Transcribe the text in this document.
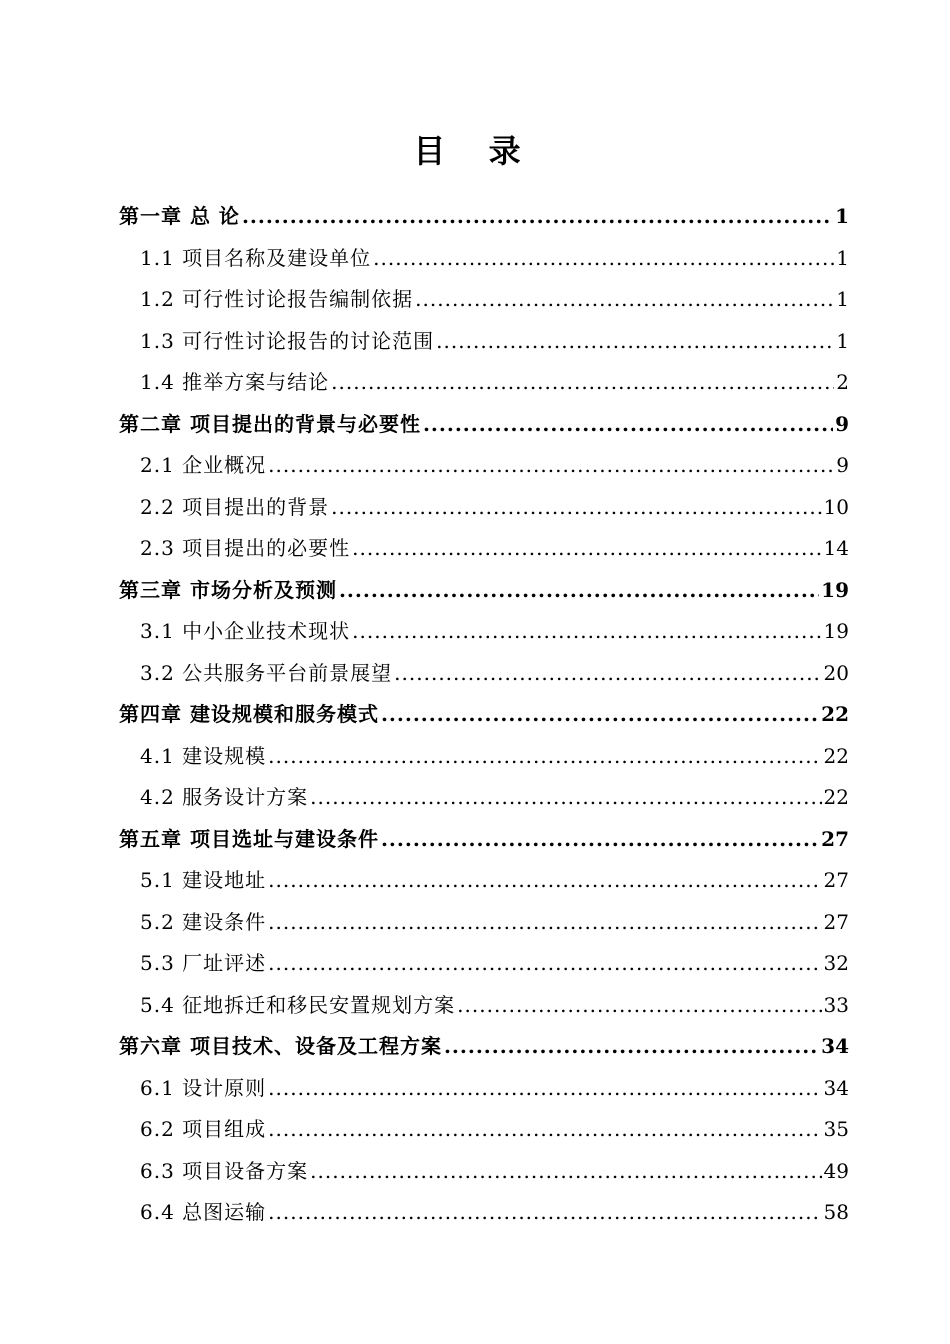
目 录
第一章 总 论 .....	1
1.1 项目名称及建设单位 .....	1
1.2 可行性讨论报告编制依据 .....	1
1.3 可行性讨论报告的讨论范围 .....	1
1.4 推举方案与结论 .....	2
第二章 项目提出的背景与必要性 .....	9
2.1 企业概况 .....	9
2.2 项目提出的背景 .....	10
2.3 项目提出的必要性 .....	14
第三章 市场分析及预测 .....	19
3.1 中小企业技术现状 .....	19
3.2 公共服务平台前景展望 .....	20
第四章 建设规模和服务模式 .....	22
4.1 建设规模 .....	22
4.2 服务设计方案 .....	22
第五章 项目选址与建设条件 .....	27
5.1 建设地址 .....	27
5.2 建设条件 .....	27
5.3 厂址评述 .....	32
5.4 征地拆迁和移民安置规划方案 .....	33
第六章 项目技术、设备及工程方案 .....	34
6.1 设计原则 .....	34
6.2 项目组成 .....	35
6.3 项目设备方案 .....	49
6.4 总图运输 .....	58
